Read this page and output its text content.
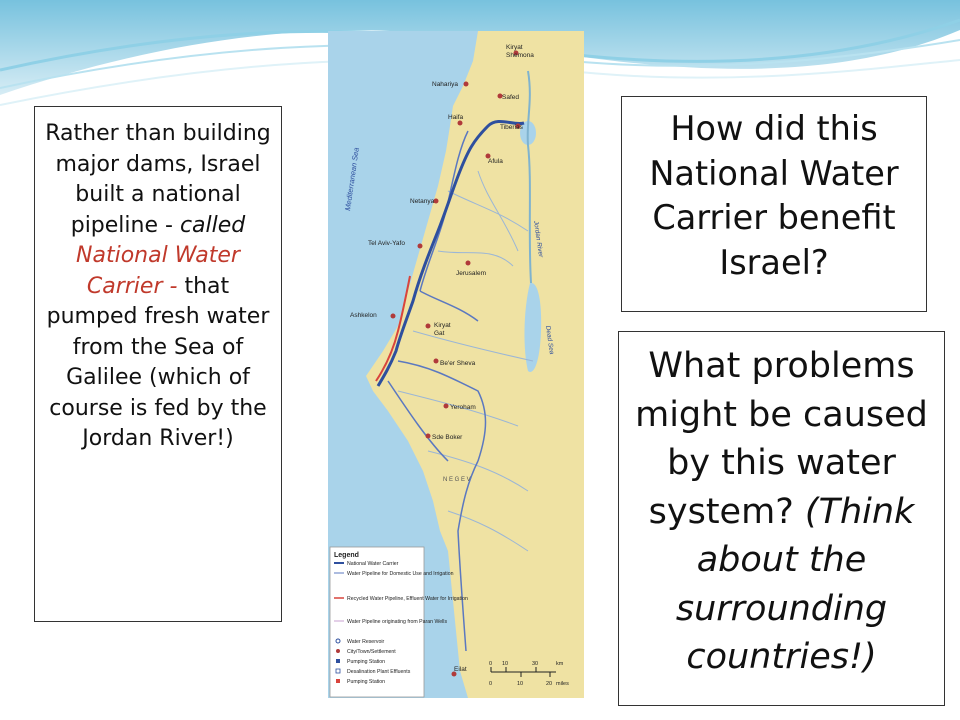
Rather than building major dams, Israel built a national pipeline - called National Water Carrier - that pumped fresh water from the Sea of Galilee (which of course is fed by the Jordan River!)
How did this National Water Carrier benefit Israel?
What problems might be caused by this water system? (Think about the surrounding countries!)
Kiryat
Shemona
Nahariya
Safed
Haifa
Tiberias
Afula
Netanya
Tel Aviv-Yafo
Jerusalem
Ashkelon
Kiryat
Gat
Be'er Sheva
Yeroham
Sde Boker
Eilat
Mediterranean Sea
Jordan River
Dead Sea
N E G E V
Legend
National Water Carrier
Water Pipeline for Domestic Use and Irrigation
Recycled Water Pipeline, Effluent Water for Irrigation
Water Pipeline originating from Paran Wells
Water Reservoir
City/Town/Settlement
Pumping Station
Desalination Plant Effluents
Pumping Station
0 10	30	km
0	10	20 miles
